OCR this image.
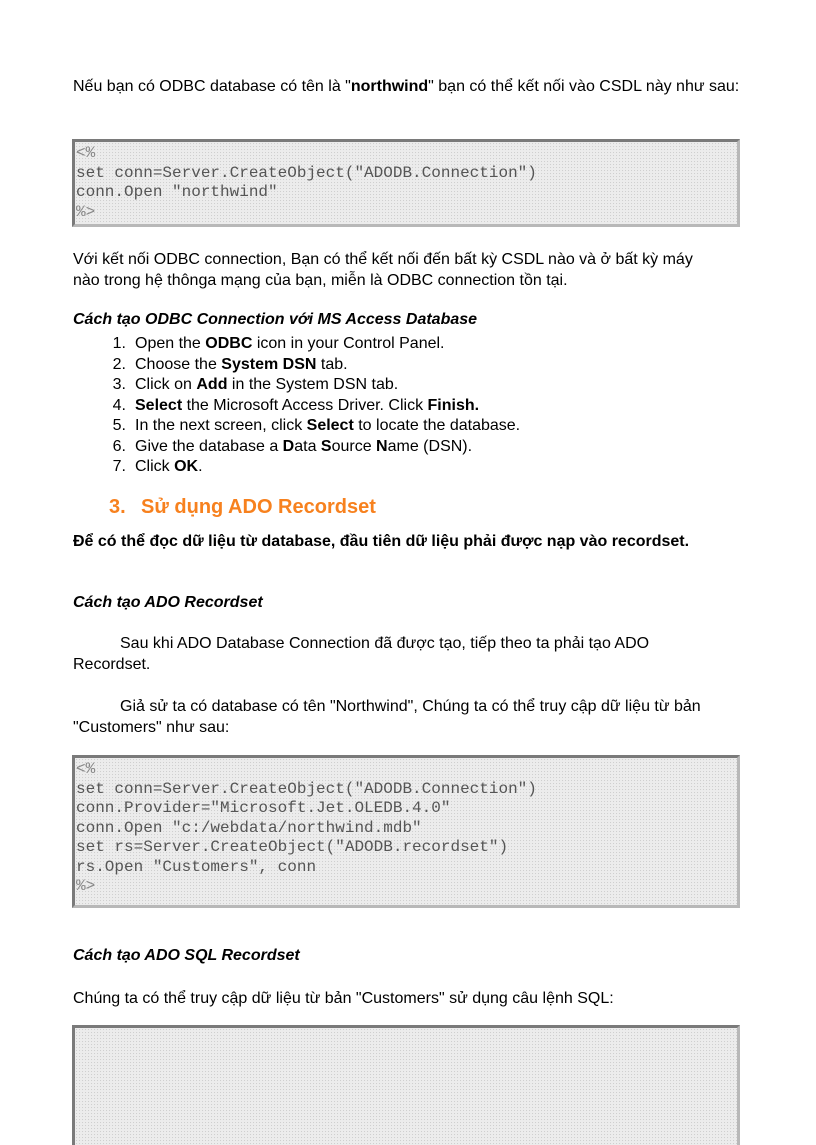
Nếu bạn có ODBC database có tên là "northwind" bạn có thể kết nối vào CSDL này như sau:

<%
set conn=Server.CreateObject("ADODB.Connection")
conn.Open "northwind"
%>

Với kết nối ODBC connection, Bạn có thể kết nối đến bất kỳ CSDL nào và ở bất kỳ máy nào trong hệ thônga mạng của bạn, miễn là ODBC connection tồn tại.

Cách tạo ODBC Connection với MS Access Database

1. Open the ODBC icon in your Control Panel.
2. Choose the System DSN tab.
3. Click on Add in the System DSN tab.
4. Select the Microsoft Access Driver. Click Finish.
5. In the next screen, click Select to locate the database.
6. Give the database a Data Source Name (DSN).
7. Click OK.

3. Sử dụng ADO Recordset

Để có thể đọc dữ liệu từ database, đầu tiên dữ liệu phải được nạp vào recordset.

Cách tạo ADO Recordset

Sau khi ADO Database Connection đã được tạo, tiếp theo ta phải tạo ADO Recordset.

Giả sử ta có database có tên "Northwind", Chúng ta có thể truy cập dữ liệu từ bản "Customers" như sau:

<%
set conn=Server.CreateObject("ADODB.Connection")
conn.Provider="Microsoft.Jet.OLEDB.4.0"
conn.Open "c:/webdata/northwind.mdb"
set rs=Server.CreateObject("ADODB.recordset")
rs.Open "Customers", conn
%>

Cách tạo ADO SQL Recordset

Chúng ta có thể truy cập dữ liệu từ bản "Customers" sử dụng câu lệnh SQL:
